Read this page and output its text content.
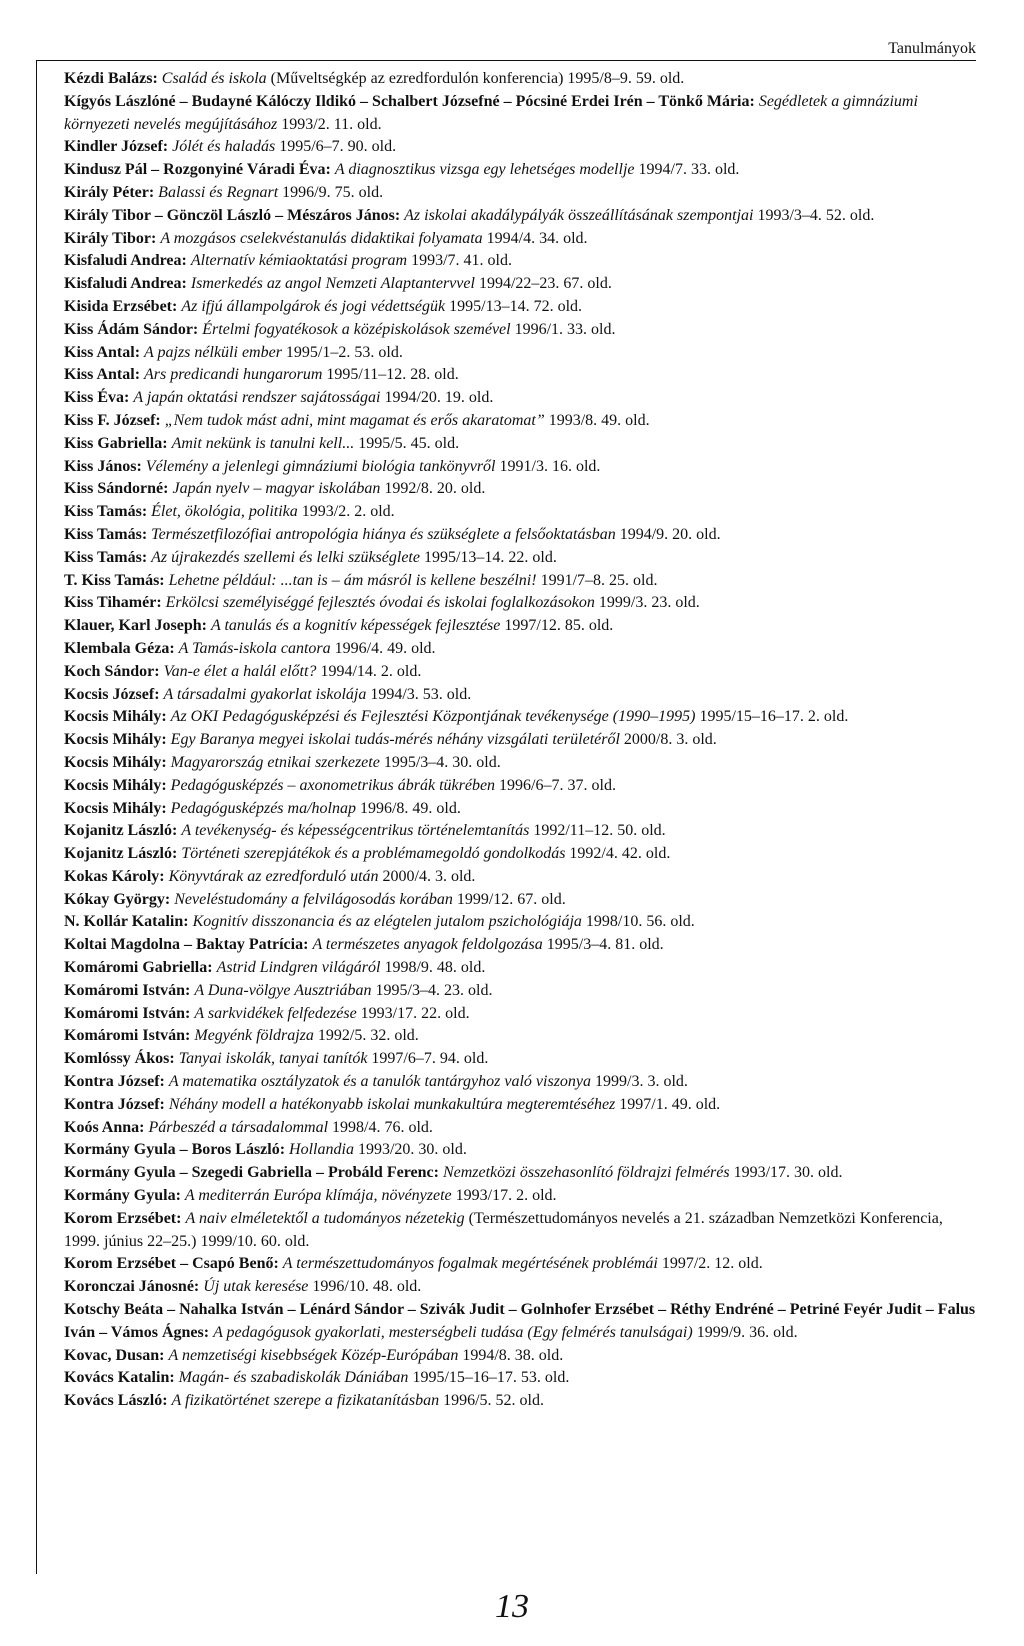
Tanulmányok

Kézdi Balázs: Család és iskola (Műveltségkép az ezredfordulón konferencia) 1995/8–9. 59. old.

Kígyós Lászlóné – Budayné Kálóczy Ildikó – Schalbert Józsefné – Pócsiné Erdei Irén – Tönkő Mária: Segédletek a gimnáziumi környezeti nevelés megújításához 1993/2. 11. old.

Kindler József: Jólét és haladás 1995/6–7. 90. old.

Kindusz Pál – Rozgonyiné Váradi Éva: A diagnosztikus vizsga egy lehetséges modellje 1994/7. 33. old.

Király Péter: Balassi és Regnart 1996/9. 75. old.

Király Tibor – Gönczöl László – Mészáros János: Az iskolai akadálypályák összeállításának szempontjai 1993/3–4. 52. old.

Király Tibor: A mozgásos cselekvéstanulás didaktikai folyamata 1994/4. 34. old.

Kisfaludi Andrea: Alternatív kémiaoktatási program 1993/7. 41. old.

Kisfaludi Andrea: Ismerkedés az angol Nemzeti Alaptantervvel 1994/22–23. 67. old.

Kisida Erzsébet: Az ifjú állampolgárok és jogi védettségük 1995/13–14. 72. old.

Kiss Ádám Sándor: Értelmi fogyatékosok a középiskolások szemével 1996/1. 33. old.

Kiss Antal: A pajzs nélküli ember 1995/1–2. 53. old.

Kiss Antal: Ars predicandi hungarorum 1995/11–12. 28. old.

Kiss Éva: A japán oktatási rendszer sajátosságai 1994/20. 19. old.

Kiss F. József: „Nem tudok mást adni, mint magamat és erős akaratomat” 1993/8. 49. old.

Kiss Gabriella: Amit nekünk is tanulni kell... 1995/5. 45. old.

Kiss János: Vélemény a jelenlegi gimnáziumi biológia tankönyvről 1991/3. 16. old.

Kiss Sándorné: Japán nyelv – magyar iskolában 1992/8. 20. old.

Kiss Tamás: Élet, ökológia, politika 1993/2. 2. old.

Kiss Tamás: Természetfilozófiai antropológia hiánya és szükséglete a felsőoktatásban 1994/9. 20. old.

Kiss Tamás: Az újrakezdés szellemi és lelki szükséglete 1995/13–14. 22. old.

T. Kiss Tamás: Lehetne például: ...tan is – ám másról is kellene beszélni! 1991/7–8. 25. old.

Kiss Tihamér: Erkölcsi személyiséggé fejlesztés óvodai és iskolai foglalkozásokon 1999/3. 23. old.

Klauer, Karl Joseph: A tanulás és a kognitív képességek fejlesztése 1997/12. 85. old.

Klembala Géza: A Tamás-iskola cantora 1996/4. 49. old.

Koch Sándor: Van-e élet a halál előtt? 1994/14. 2. old.

Kocsis József: A társadalmi gyakorlat iskolája 1994/3. 53. old.

Kocsis Mihály: Az OKI Pedagógusképzési és Fejlesztési Központjának tevékenysége (1990–1995) 1995/15–16–17. 2. old.

Kocsis Mihály: Egy Baranya megyei iskolai tudás-mérés néhány vizsgálati területéről 2000/8. 3. old.

Kocsis Mihály: Magyarország etnikai szerkezete 1995/3–4. 30. old.

Kocsis Mihály: Pedagógusképzés – axonometrikus ábrák tükrében 1996/6–7. 37. old.

Kocsis Mihály: Pedagógusképzés ma/holnap 1996/8. 49. old.

Kojanitz László: A tevékenység- és képességcentrikus történelemtanítás 1992/11–12. 50. old.

Kojanitz László: Történeti szerepjátékok és a problémamegoldó gondolkodás 1992/4. 42. old.

Kokas Károly: Könyvtárak az ezredforduló után 2000/4. 3. old.

Kókay György: Neveléstudomány a felvilágosodás korában 1999/12. 67. old.

N. Kollár Katalin: Kognitív disszonancia és az elégtelen jutalom pszichológiája 1998/10. 56. old.

Koltai Magdolna – Baktay Patrícia: A természetes anyagok feldolgozása 1995/3–4. 81. old.

Komáromi Gabriella: Astrid Lindgren világáról 1998/9. 48. old.

Komáromi István: A Duna-völgye Ausztriában 1995/3–4. 23. old.

Komáromi István: A sarkvidékek felfedezése 1993/17. 22. old.

Komáromi István: Megyénk földrajza 1992/5. 32. old.

Komlóssy Ákos: Tanyai iskolák, tanyai tanítók 1997/6–7. 94. old.

Kontra József: A matematika osztályzatok és a tanulók tantárgyhoz való viszonya 1999/3. 3. old.

Kontra József: Néhány modell a hatékonyabb iskolai munkakultúra megteremtéséhez 1997/1. 49. old.

Koós Anna: Párbeszéd a társadalommal 1998/4. 76. old.

Kormány Gyula – Boros László: Hollandia 1993/20. 30. old.

Kormány Gyula – Szegedi Gabriella – Probáld Ferenc: Nemzetközi összehasonlító földrajzi felmérés 1993/17. 30. old.

Kormány Gyula: A mediterrán Európa klímája, növényzete 1993/17. 2. old.

Korom Erzsébet: A naiv elméletektől a tudományos nézetekig (Természettudományos nevelés a 21. században Nemzetközi Konferencia, 1999. június 22–25.) 1999/10. 60. old.

Korom Erzsébet – Csapó Benő: A természettudományos fogalmak megértésének problémái 1997/2. 12. old.

Koronczai Jánosné: Új utak keresése 1996/10. 48. old.

Kotschy Beáta – Nahalka István – Lénárd Sándor – Szivák Judit – Golnhofer Erzsébet – Réthy Endréné – Petriné Feyér Judit – Falus Iván – Vámos Ágnes: A pedagógusok gyakorlati, mesterségbeli tudása (Egy felmérés tanulságai) 1999/9. 36. old.

Kovac, Dusan: A nemzetiségi kisebbségek Közép-Európában 1994/8. 38. old.

Kovács Katalin: Magán- és szabadiskolák Dániában 1995/15–16–17. 53. old.

Kovács László: A fizikatörténet szerepe a fizikatanításban 1996/5. 52. old.

13
